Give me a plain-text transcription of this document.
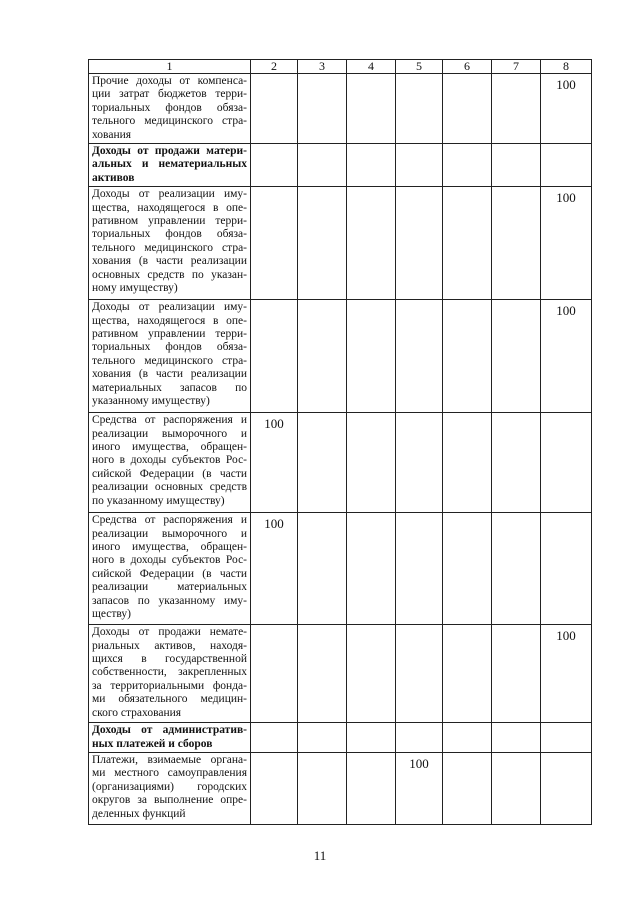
1	2	3	4	5	6	7	8
Прочие доходы от компенса-ции затрат бюджетов терри-ториальных фондов обяза-тельного медицинского стра-хования							100
Доходы от продажи матери-альных и нематериальных активов							
Доходы от реализации иму-щества, находящегося в опе-ративном управлении терри-ториальных фондов обяза-тельного медицинского стра-хования (в части реализации основных средств по указан-ному имуществу)							100
Доходы от реализации иму-щества, находящегося в опе-ративном управлении терри-ториальных фондов обяза-тельного медицинского стра-хования (в части реализации материальных запасов по указанному имуществу)							100
Средства от распоряжения и реализации выморочного и иного имущества, обращен-ного в доходы субъектов Рос-сийской Федерации (в части реализации основных средств по указанному имуществу)	100						
Средства от распоряжения и реализации выморочного и иного имущества, обращен-ного в доходы субъектов Рос-сийской Федерации (в части реализации материальных запасов по указанному иму-ществу)	100						
Доходы от продажи немате-риальных активов, находя-щихся в государственной собственности, закрепленных за территориальными фонда-ми обязательного медицин-ского страхования							100
Доходы от административ-ных платежей и сборов							
Платежи, взимаемые органа-ми местного самоуправления (организациями) городских округов за выполнение опре-деленных функций				100			
11
